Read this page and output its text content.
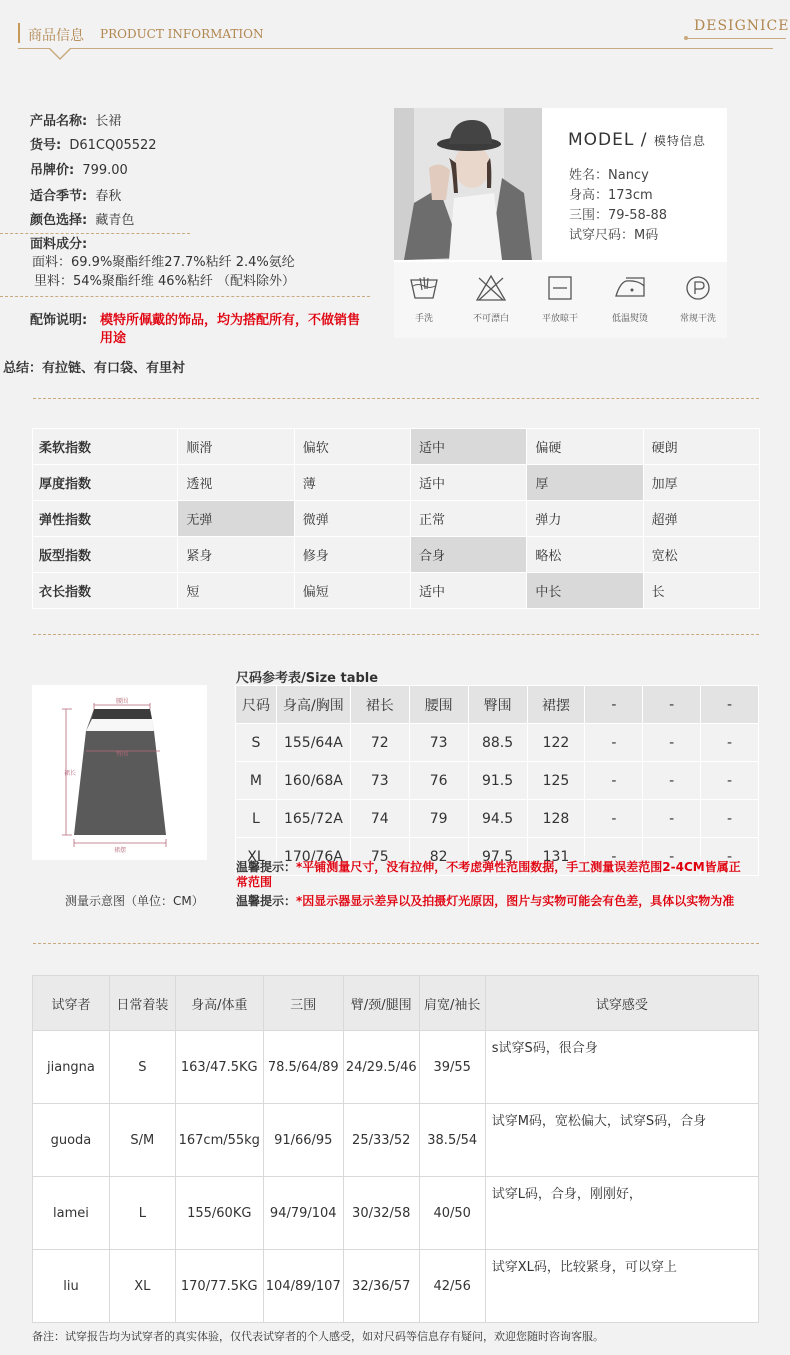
商品信息 PRODUCT INFORMATION	DESIGNICE
产品名称: 长裙
货号: D61CQ05522
吊牌价: 799.00
适合季节: 春秋
颜色选择: 藏青色
面料成分:
面料：69.9%聚酯纤维27.7%粘纤 2.4%氨纶
里料：54%聚酯纤维 46%粘纤 （配料除外）
配饰说明: 模特所佩戴的饰品，均为搭配所有，不做销售
用途
总结：有拉链、有口袋、有里衬
MODEL / 模特信息
姓名：Nancy
身高：173cm
三围：79-58-88
试穿尺码：M码
手洗	不可漂白	平放晾干	低温熨烫	常规干洗
柔软指数	顺滑	偏软	适中	偏硬	硬朗
厚度指数	透视	薄	适中	厚	加厚
弹性指数	无弹	微弹	正常	弹力	超弹
版型指数	紧身	修身	合身	略松	宽松
衣长指数	短	偏短	适中	中长	长
腰围
臀围
裙长
裙摆
测量示意图（单位：CM）
尺码参考表/Size table
尺码	身高/胸围	裙长	腰围	臀围	裙摆	-	-	-
S	155/64A	72	73	88.5	122	-	-	-
M	160/68A	73	76	91.5	125	-	-	-
L	165/72A	74	79	94.5	128	-	-	-
XL	170/76A	75	82	97.5	131	-	-	-
温馨提示：*平铺测量尺寸，没有拉伸，不考虑弹性范围数据，手工测量误差范围2-4CM皆属正
常范围
温馨提示：*因显示器显示差异以及拍摄灯光原因，图片与实物可能会有色差，具体以实物为准
试穿者	日常着装	身高/体重	三围	臂/颈/腿围	肩宽/袖长	试穿感受
jiangna	S	163/47.5KG	78.5/64/89	24/29.5/46	39/55	s试穿S码，很合身
guoda	S/M	167cm/55kg	91/66/95	25/33/52	38.5/54	试穿M码，宽松偏大，试穿S码，合身
lamei	L	155/60KG	94/79/104	30/32/58	40/50	试穿L码，合身，刚刚好，
liu	XL	170/77.5KG	104/89/107	32/36/57	42/56	试穿XL码，比较紧身，可以穿上
备注：试穿报告均为试穿者的真实体验，仅代表试穿者的个人感受，如对尺码等信息存有疑问，欢迎您随时咨询客服。
